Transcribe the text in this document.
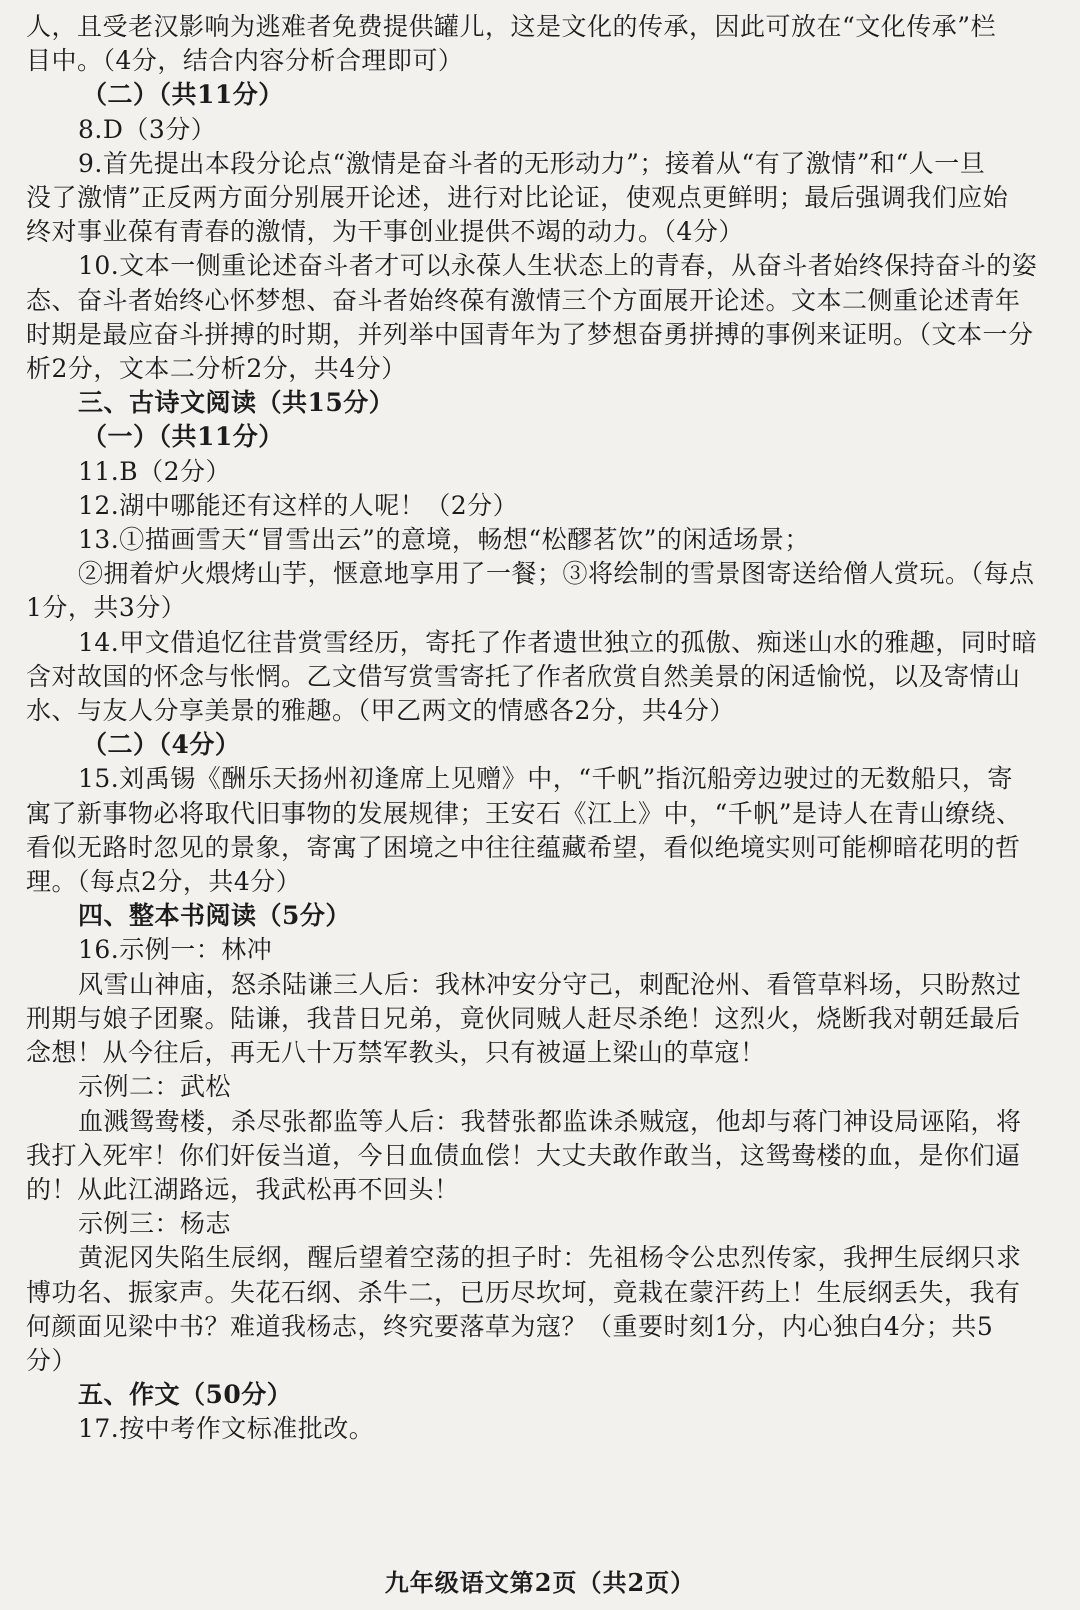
人，且受老汉影响为逃难者免费提供罐儿，这是文化的传承，因此可放在“文化传承”栏
目中。（4分，结合内容分析合理即可）
（二）（共11分）
8.D（3分）
9.首先提出本段分论点“激情是奋斗者的无形动力”；接着从“有了激情”和“人一旦
没了激情”正反两方面分别展开论述，进行对比论证，使观点更鲜明；最后强调我们应始
终对事业葆有青春的激情，为干事创业提供不竭的动力。（4分）
10.文本一侧重论述奋斗者才可以永葆人生状态上的青春，从奋斗者始终保持奋斗的姿
态、奋斗者始终心怀梦想、奋斗者始终葆有激情三个方面展开论述。文本二侧重论述青年
时期是最应奋斗拼搏的时期，并列举中国青年为了梦想奋勇拼搏的事例来证明。（文本一分
析2分，文本二分析2分，共4分）
三、古诗文阅读（共15分）
（一）（共11分）
11.B（2分）
12.湖中哪能还有这样的人呢！（2分）
13.①描画雪天“冒雪出云”的意境，畅想“松醪茗饮”的闲适场景；
②拥着炉火煨烤山芋，惬意地享用了一餐；③将绘制的雪景图寄送给僧人赏玩。（每点
1分，共3分）
14.甲文借追忆往昔赏雪经历，寄托了作者遗世独立的孤傲、痴迷山水的雅趣，同时暗
含对故国的怀念与怅惘。乙文借写赏雪寄托了作者欣赏自然美景的闲适愉悦，以及寄情山
水、与友人分享美景的雅趣。（甲乙两文的情感各2分，共4分）
（二）（4分）
15.刘禹锡《酬乐天扬州初逢席上见赠》中，“千帆”指沉船旁边驶过的无数船只，寄
寓了新事物必将取代旧事物的发展规律；王安石《江上》中，“千帆”是诗人在青山缭绕、
看似无路时忽见的景象，寄寓了困境之中往往蕴藏希望，看似绝境实则可能柳暗花明的哲
理。（每点2分，共4分）
四、整本书阅读（5分）
16.示例一：林冲
风雪山神庙，怒杀陆谦三人后：我林冲安分守己，刺配沧州、看管草料场，只盼熬过
刑期与娘子团聚。陆谦，我昔日兄弟，竟伙同贼人赶尽杀绝！这烈火，烧断我对朝廷最后
念想！从今往后，再无八十万禁军教头，只有被逼上梁山的草寇！
示例二：武松
血溅鸳鸯楼，杀尽张都监等人后：我替张都监诛杀贼寇，他却与蒋门神设局诬陷，将
我打入死牢！你们奸佞当道，今日血债血偿！大丈夫敢作敢当，这鸳鸯楼的血，是你们逼
的！从此江湖路远，我武松再不回头！
示例三：杨志
黄泥冈失陷生辰纲，醒后望着空荡的担子时：先祖杨令公忠烈传家，我押生辰纲只求
博功名、振家声。失花石纲、杀牛二，已历尽坎坷，竟栽在蒙汗药上！生辰纲丢失，我有
何颜面见梁中书？难道我杨志，终究要落草为寇？（重要时刻1分，内心独白4分；共5
分）
五、作文（50分）
17.按中考作文标准批改。
九年级语文第2页（共2页）
